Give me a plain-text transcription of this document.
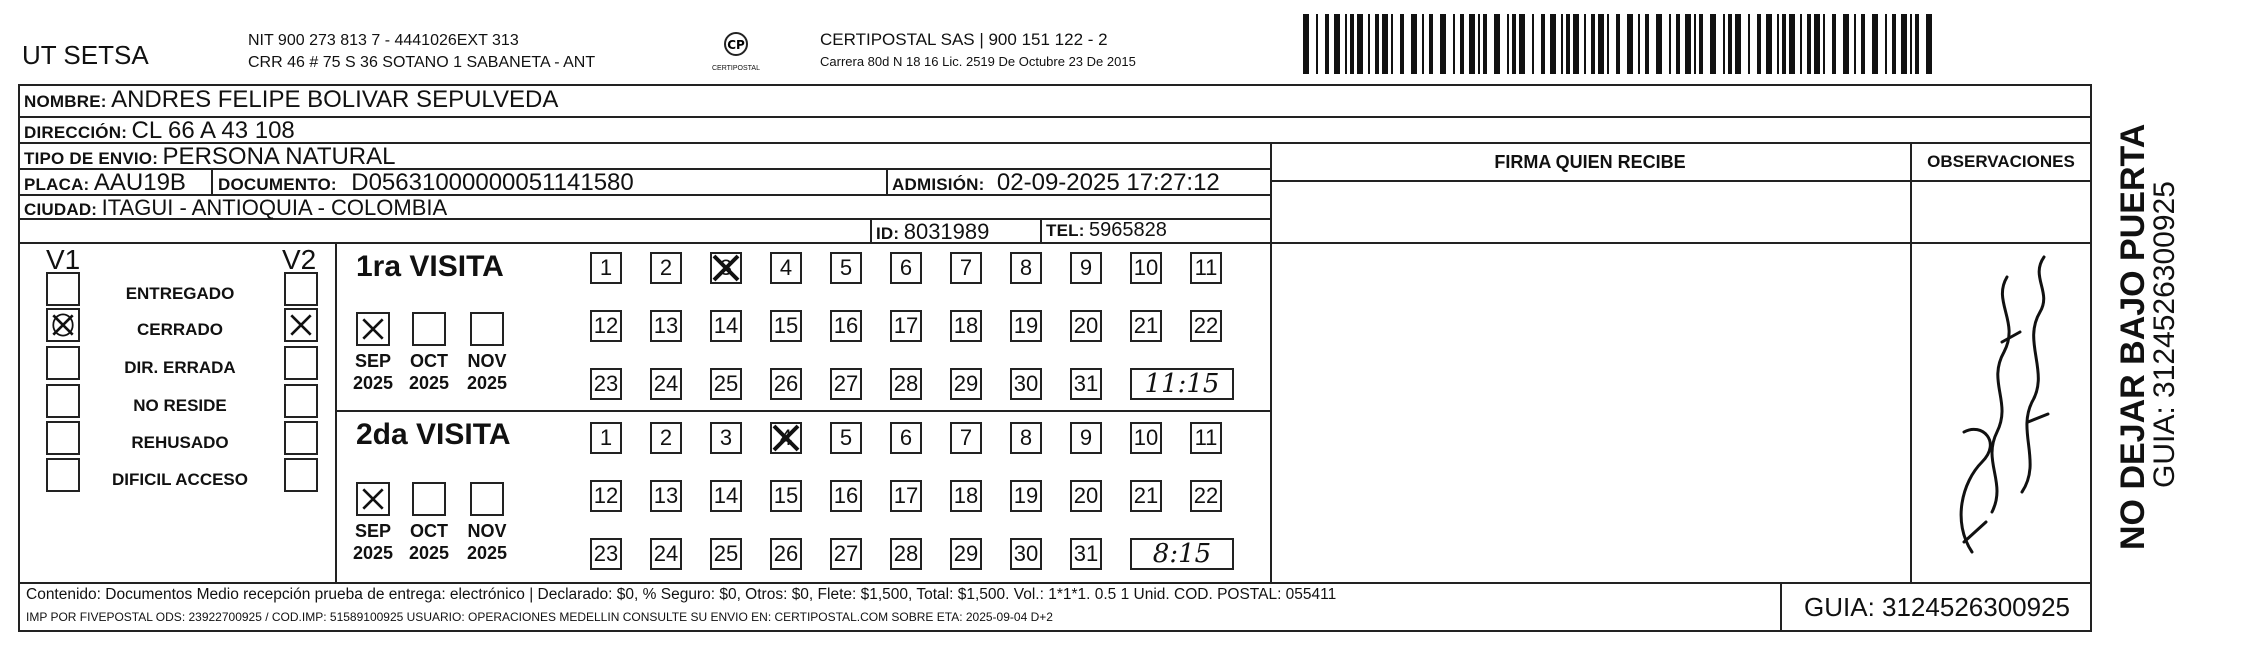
UT SETSA	NIT 900 273 813 7 - 4441026EXT 313
CRR 46 # 75 S 36 SOTANO 1 SABANETA - ANT
CP
CERTIPOSTAL
CERTIPOSTAL SAS | 900 151 122 - 2
Carrera 80d N 18 16 Lic. 2519 De Octubre 23 De 2015
NOMBRE: ANDRES FELIPE BOLIVAR SEPULVEDA
DIRECCIÓN: CL 66 A 43 108
TIPO DE ENVIO: PERSONA NATURAL
PLACA: AAU19B DOCUMENTO: D05631000000051141580	ADMISIÓN: 02-09-2025 17:27:12
CIUDAD: ITAGUI - ANTIOQUIA - COLOMBIA
ID: 8031989	TEL: 5965828
FIRMA QUIEN RECIBE	OBSERVACIONES
V1	V2
ENTREGADO
CERRADO
DIR. ERRADA
NO RESIDE
REHUSADO
DIFICIL ACCESO
1ra VISITA
2da VISITA
SEP
2025
OCT
2025
NOV
2025
1	2	3	4	5	6	7	8	9	10 11
12 13 14 15 16 17 18 19 20 21 22
23 24 25 26 27 28 29 30 31	11:15
SEP
2025
OCT
2025
NOV
2025
1	2	3	4	5	6	7	8	9	10 11
12 13 14 15 16 17 18 19 20 21 22
23 24 25 26 27 28 29 30 31	8:15
Contenido: Documentos Medio recepción prueba de entrega: electrónico | Declarado: $0, % Seguro: $0, Otros: $0, Flete: $1,500, Total: $1,500. Vol.: 1*1*1. 0.5 1 Unid. COD. POSTAL: 055411
IMP POR FIVEPOSTAL ODS: 23922700925 / COD.IMP: 51589100925 USUARIO: OPERACIONES MEDELLIN CONSULTE SU ENVIO EN: CERTIPOSTAL.COM SOBRE ETA: 2025-09-04 D+2	GUIA: 3124526300925
NO DEJAR BAJO PUERTA
GUIA: 3124526300925
